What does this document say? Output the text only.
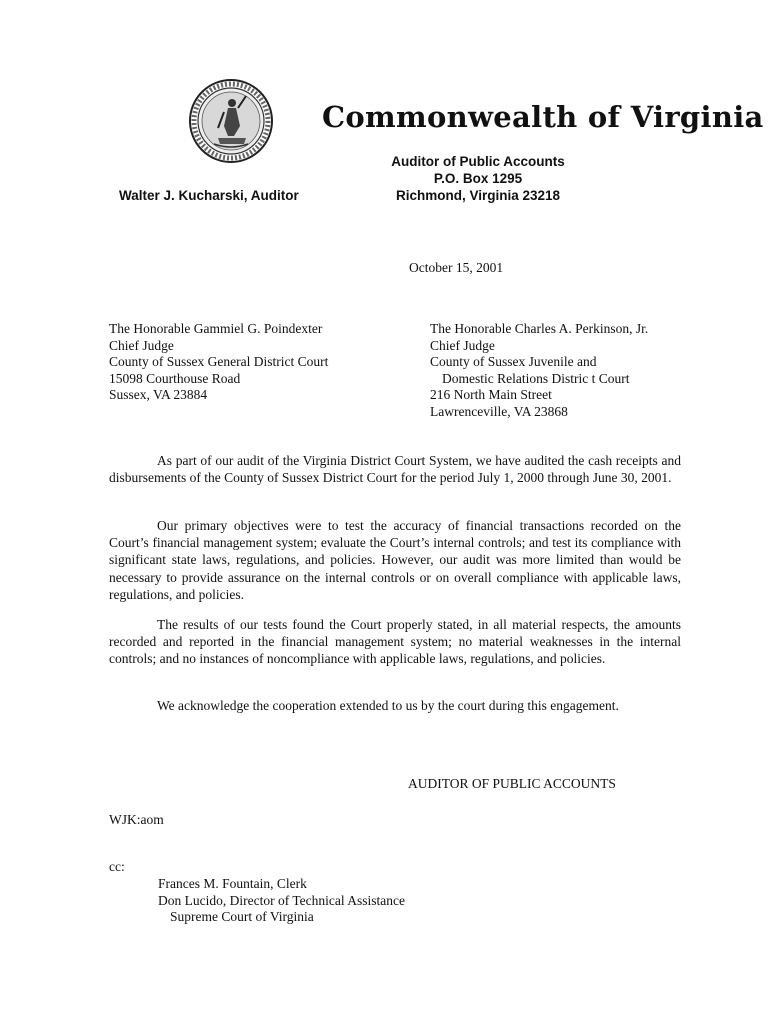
Commonwealth of Virginia
Auditor of Public Accounts
P.O. Box 1295
Richmond, Virginia 23218
Walter J. Kucharski, Auditor
October 15, 2001
The Honorable Gammiel G. Poindexter
Chief Judge
County of Sussex General District Court
15098 Courthouse Road
Sussex, VA 23884
The Honorable Charles A. Perkinson, Jr.
Chief Judge
County of Sussex Juvenile and
Domestic Relations Distric t Court
216 North Main Street
Lawrenceville, VA 23868

As part of our audit of the Virginia District Court System, we have audited the cash receipts and disbursements of the County of Sussex District Court for the period July 1, 2000 through June 30, 2001.

Our primary objectives were to test the accuracy of financial transactions recorded on the Court’s financial management system; evaluate the Court’s internal controls; and test its compliance with significant state laws, regulations, and policies. However, our audit was more limited than would be necessary to provide assurance on the internal controls or on overall compliance with applicable laws, regulations, and policies.

The results of our tests found the Court properly stated, in all material respects, the amounts recorded and reported in the financial management system; no material weaknesses in the internal controls; and no instances of noncompliance with applicable laws, regulations, and policies.

We acknowledge the cooperation extended to us by the court during this engagement.

AUDITOR OF PUBLIC ACCOUNTS
WJK:aom
cc:
Frances M. Fountain, Clerk
Don Lucido, Director of Technical Assistance
Supreme Court of Virginia
